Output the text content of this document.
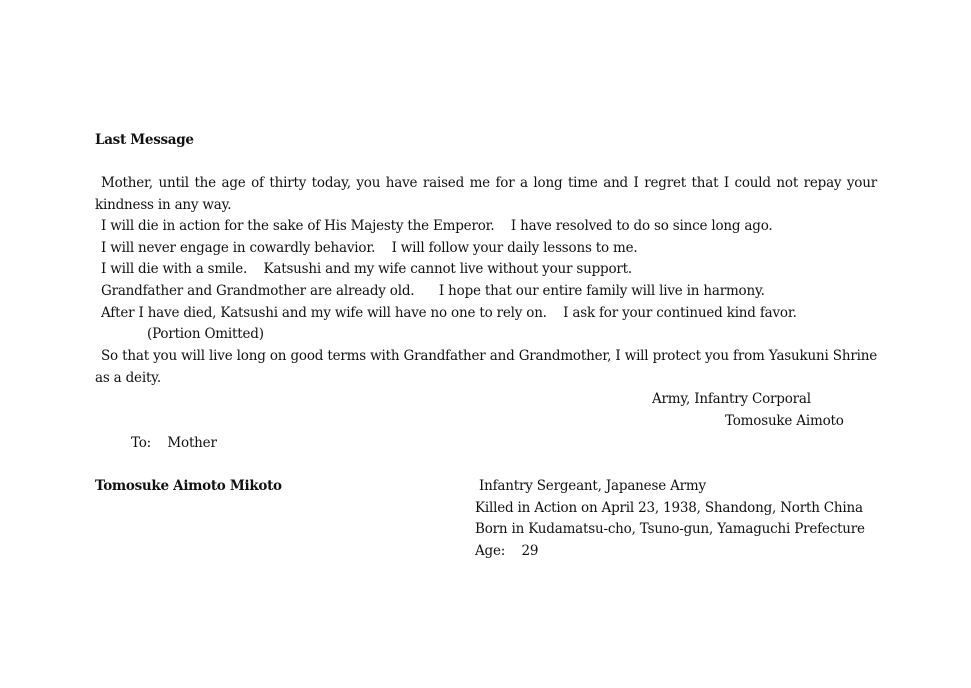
Last Message
Mother, until the age of thirty today, you have raised me for a long time and I regret that I could not repay your kindness in any way.
I will die in action for the sake of His Majesty the Emperor.    I have resolved to do so since long ago.
I will never engage in cowardly behavior.    I will follow your daily lessons to me.
I will die with a smile.    Katsushi and my wife cannot live without your support.
Grandfather and Grandmother are already old.      I hope that our entire family will live in harmony.
After I have died, Katsushi and my wife will have no one to rely on.    I ask for your continued kind favor.
(Portion Omitted)
So that you will live long on good terms with Grandfather and Grandmother, I will protect you from Yasukuni Shrine as a deity.
Army, Infantry Corporal
Tomosuke Aimoto
To:    Mother
Tomosuke Aimoto Mikoto	Infantry Sergeant, Japanese Army
Killed in Action on April 23, 1938, Shandong, North China
Born in Kudamatsu-cho, Tsuno-gun, Yamaguchi Prefecture
Age:    29
